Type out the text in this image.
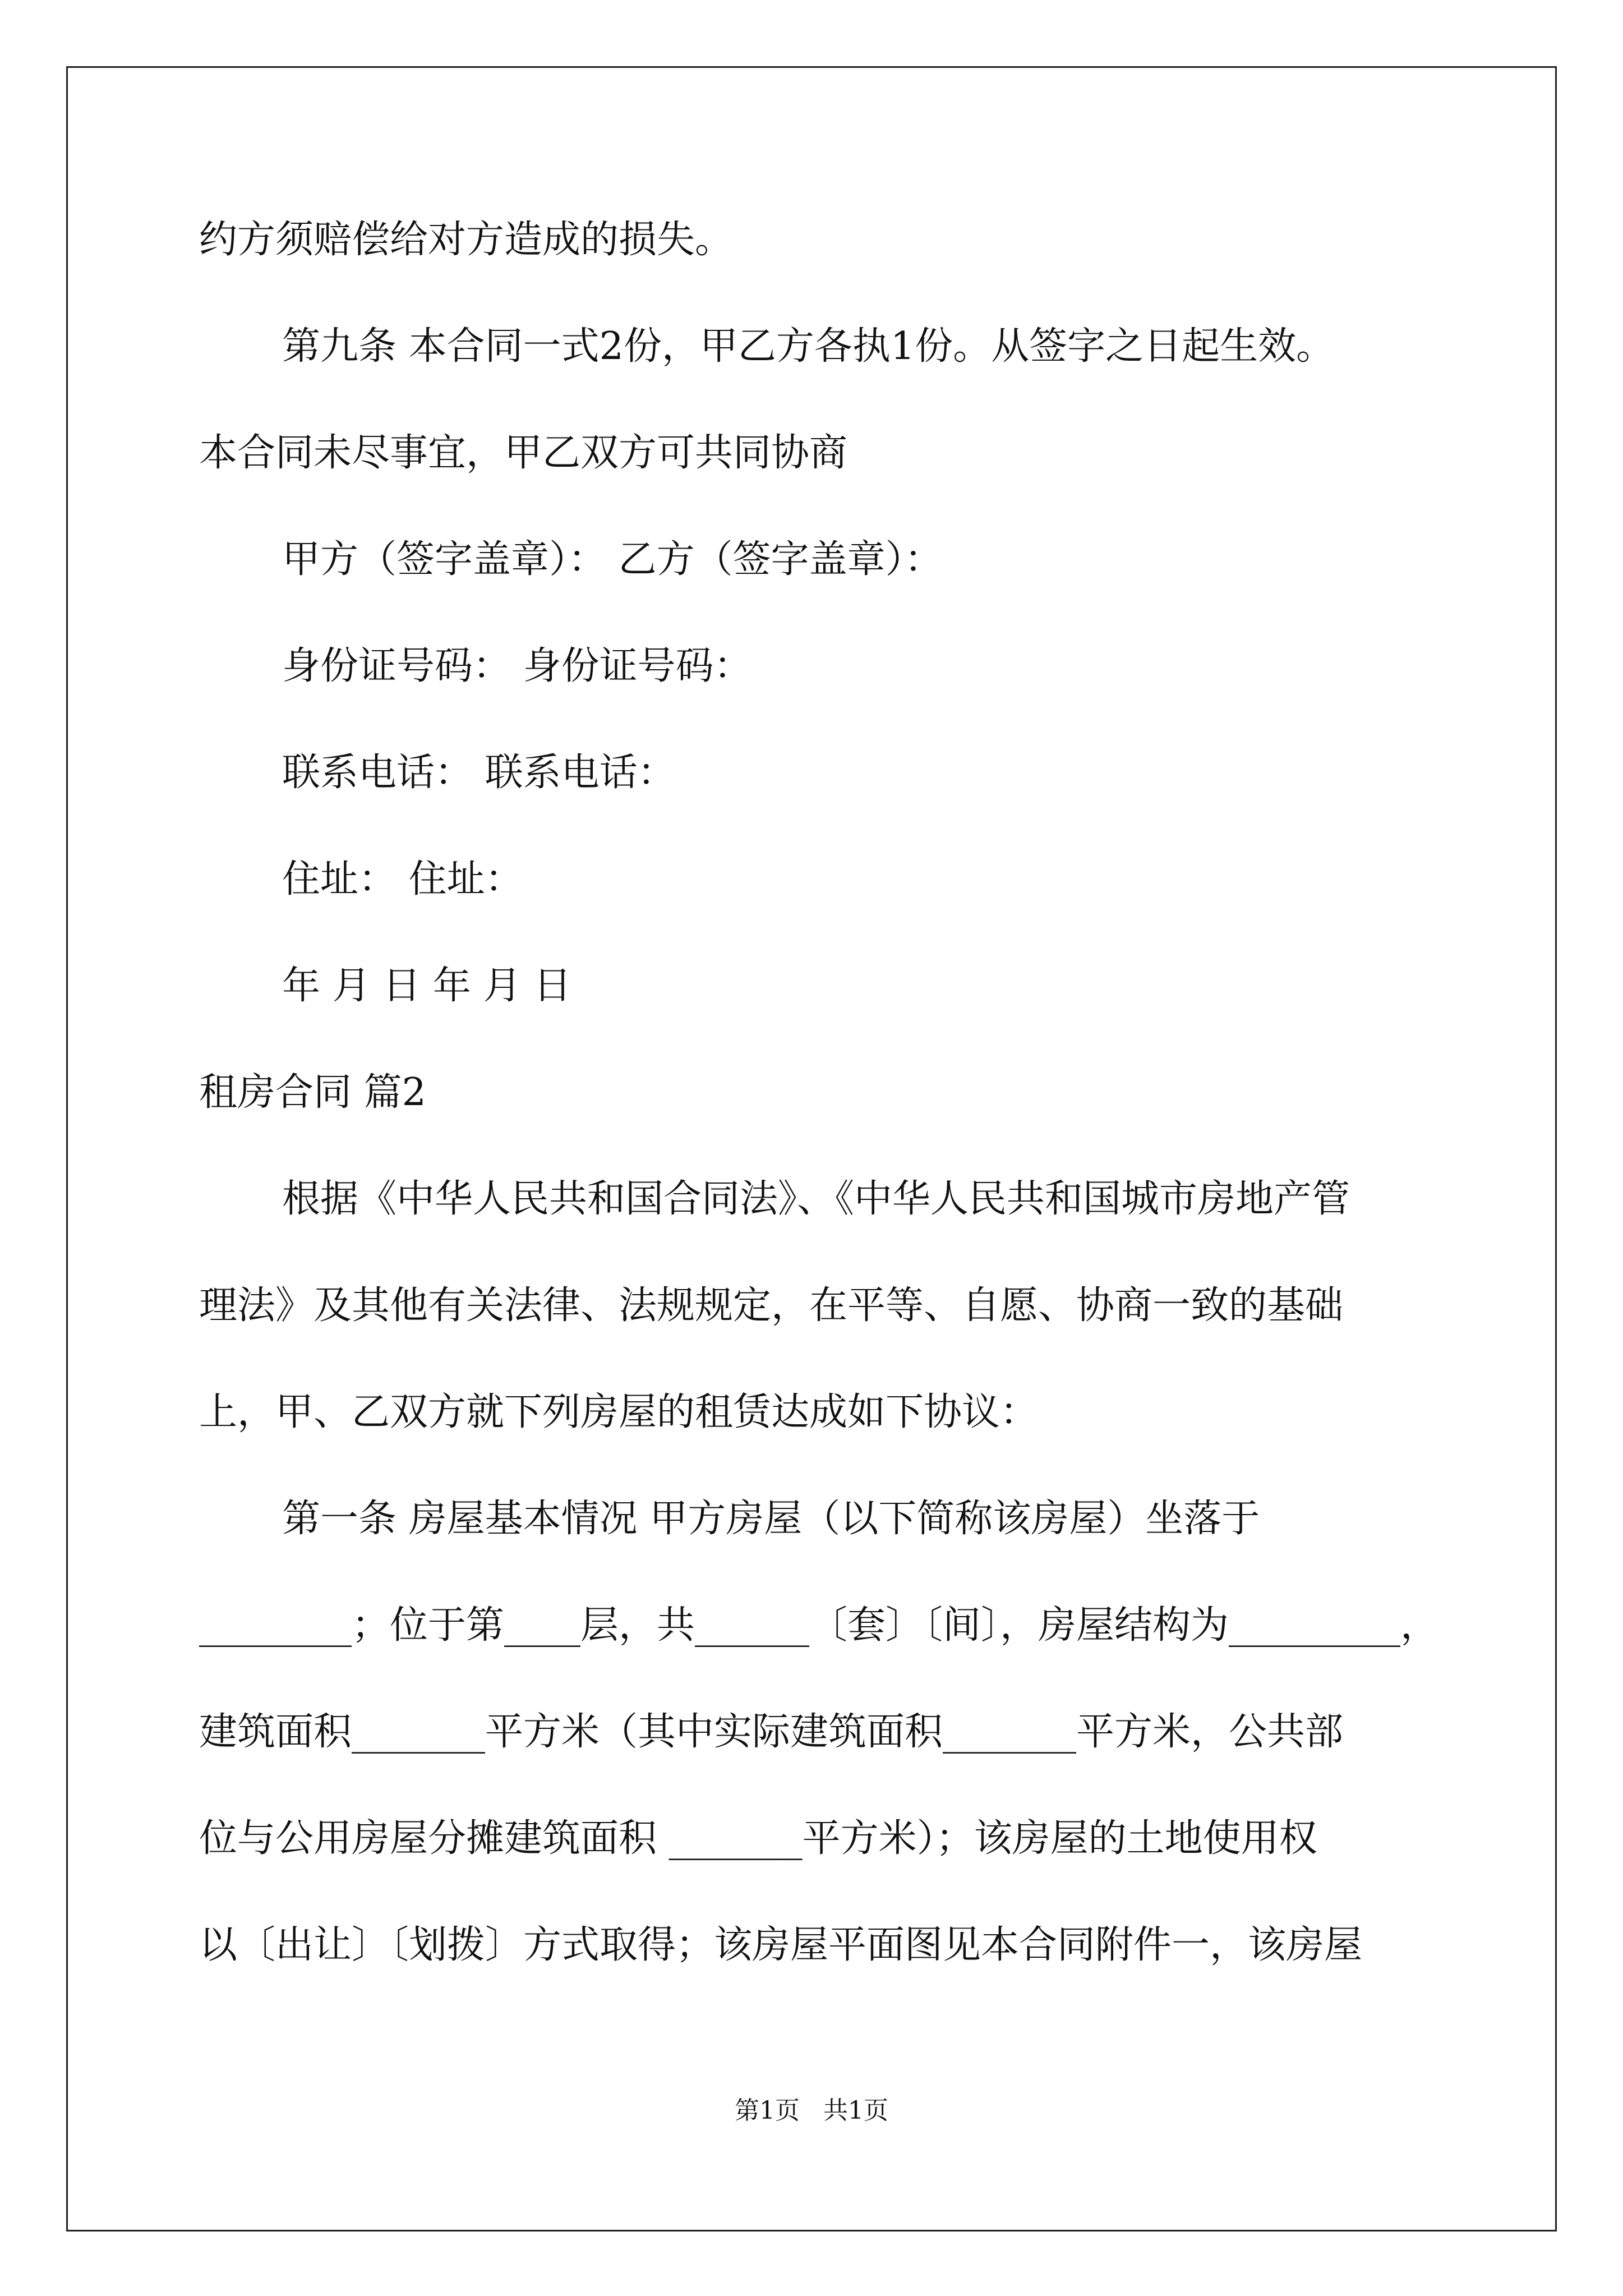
约方须赔偿给对方造成的损失。
第九条 本合同一式2份，甲乙方各执1份。从签字之日起生效。
本合同未尽事宜，甲乙双方可共同协商
甲方（签字盖章）： 乙方（签字盖章）：
身份证号码： 身份证号码：
联系电话： 联系电话：
住址： 住址：
年 月 日 年 月 日
租房合同 篇2
根据《中华人民共和国合同法》、《中华人民共和国城市房地产管
理法》及其他有关法律、法规规定，在平等、自愿、协商一致的基础
上，甲、乙双方就下列房屋的租赁达成如下协议：
第一条 房屋基本情况 甲方房屋（以下简称该房屋）坐落于
________；位于第____层，共______〔套〕〔间〕，房屋结构为_________，
建筑面积_______平方米（其中实际建筑面积_______平方米，公共部
位与公用房屋分摊建筑面积 _______平方米）；该房屋的土地使用权
以〔出让〕〔划拨〕方式取得；该房屋平面图见本合同附件一，该房屋
第1页   共1页
